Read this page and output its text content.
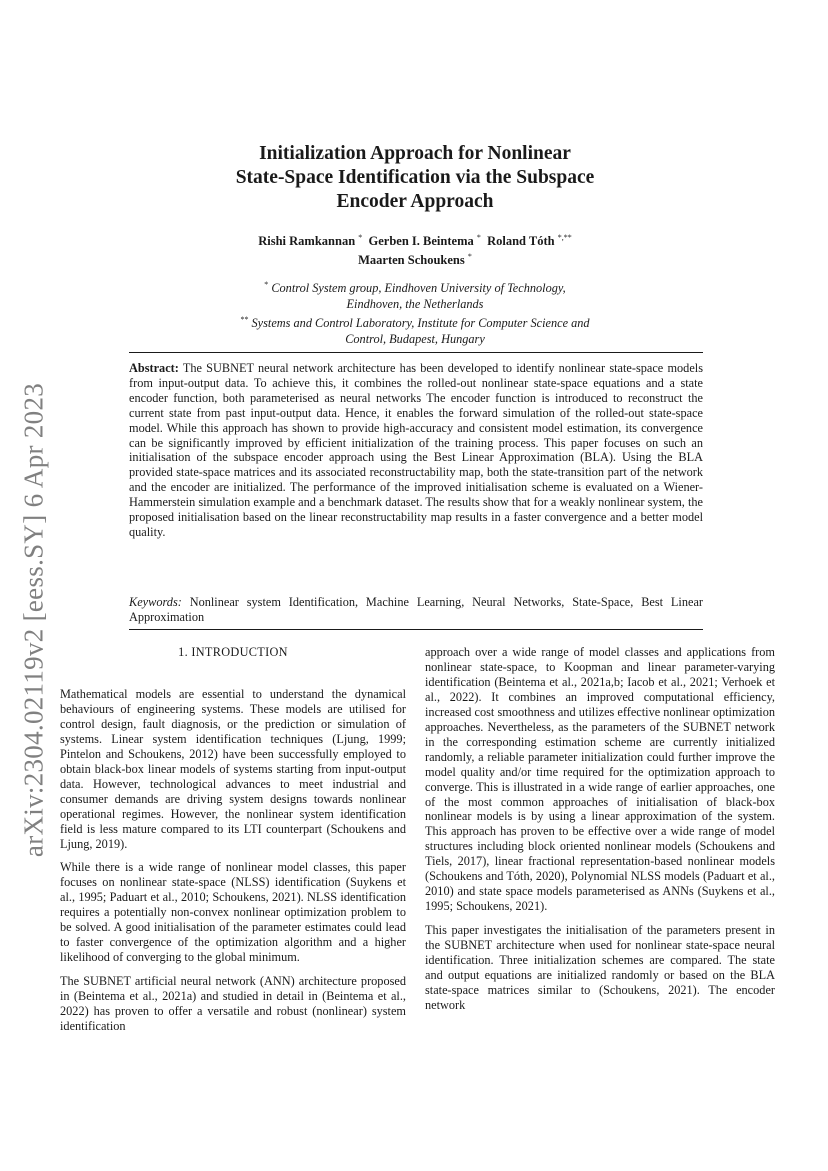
arXiv:2304.02119v2 [eess.SY] 6 Apr 2023
Initialization Approach for Nonlinear
State-Space Identification via the Subspace
Encoder Approach
Rishi Ramkannan * Gerben I. Beintema * Roland Tóth *,**
Maarten Schoukens *
* Control System group, Eindhoven University of Technology,
Eindhoven, the Netherlands
** Systems and Control Laboratory, Institute for Computer Science and
Control, Budapest, Hungary
Abstract: The SUBNET neural network architecture has been developed to identify nonlinear state-space models from input-output data. To achieve this, it combines the rolled-out nonlinear state-space equations and a state encoder function, both parameterised as neural networks The encoder function is introduced to reconstruct the current state from past input-output data. Hence, it enables the forward simulation of the rolled-out state-space model. While this approach has shown to provide high-accuracy and consistent model estimation, its convergence can be significantly improved by efficient initialization of the training process. This paper focuses on such an initialisation of the subspace encoder approach using the Best Linear Approximation (BLA). Using the BLA provided state-space matrices and its associated reconstructability map, both the state-transition part of the network and the encoder are initialized. The performance of the improved initialisation scheme is evaluated on a Wiener-Hammerstein simulation example and a benchmark dataset. The results show that for a weakly nonlinear system, the proposed initialisation based on the linear reconstructability map results in a faster convergence and a better model quality.
Keywords: Nonlinear system Identification, Machine Learning, Neural Networks, State-Space, Best Linear Approximation
1. INTRODUCTION

Mathematical models are essential to understand the dynamical behaviours of engineering systems. These models are utilised for control design, fault diagnosis, or the prediction or simulation of systems. Linear system identification techniques (Ljung, 1999; Pintelon and Schoukens, 2012) have been successfully employed to obtain black-box linear models of systems starting from input-output data. However, technological advances to meet industrial and consumer demands are driving system designs towards nonlinear operational regimes. However, the nonlinear system identification field is less mature compared to its LTI counterpart (Schoukens and Ljung, 2019).

While there is a wide range of nonlinear model classes, this paper focuses on nonlinear state-space (NLSS) identification (Suykens et al., 1995; Paduart et al., 2010; Schoukens, 2021). NLSS identification requires a potentially non-convex nonlinear optimization problem to be solved. A good initialisation of the parameter estimates could lead to faster convergence of the optimization algorithm and a higher likelihood of converging to the global minimum.

The SUBNET artificial neural network (ANN) architecture proposed in (Beintema et al., 2021a) and studied in detail in (Beintema et al., 2022) has proven to offer a versatile and robust (nonlinear) system identification

approach over a wide range of model classes and applications from nonlinear state-space, to Koopman and linear parameter-varying identification (Beintema et al., 2021a,b; Iacob et al., 2021; Verhoek et al., 2022). It combines an improved computational efficiency, increased cost smoothness and utilizes effective nonlinear optimization approaches. Nevertheless, as the parameters of the SUBNET network in the corresponding estimation scheme are currently initialized randomly, a reliable parameter initialization could further improve the model quality and/or time required for the optimization approach to converge. This is illustrated in a wide range of earlier approaches, one of the most common approaches of initialisation of black-box nonlinear models is by using a linear approximation of the system. This approach has proven to be effective over a wide range of model structures including block oriented nonlinear models (Schoukens and Tiels, 2017), linear fractional representation-based nonlinear models (Schoukens and Tóth, 2020), Polynomial NLSS models (Paduart et al., 2010) and state space models parameterised as ANNs (Suykens et al., 1995; Schoukens, 2021).

This paper investigates the initialisation of the parameters present in the SUBNET architecture when used for nonlinear state-space neural identification. Three initialization schemes are compared. The state and output equations are initialized randomly or based on the BLA state-space matrices similar to (Schoukens, 2021). The encoder network
